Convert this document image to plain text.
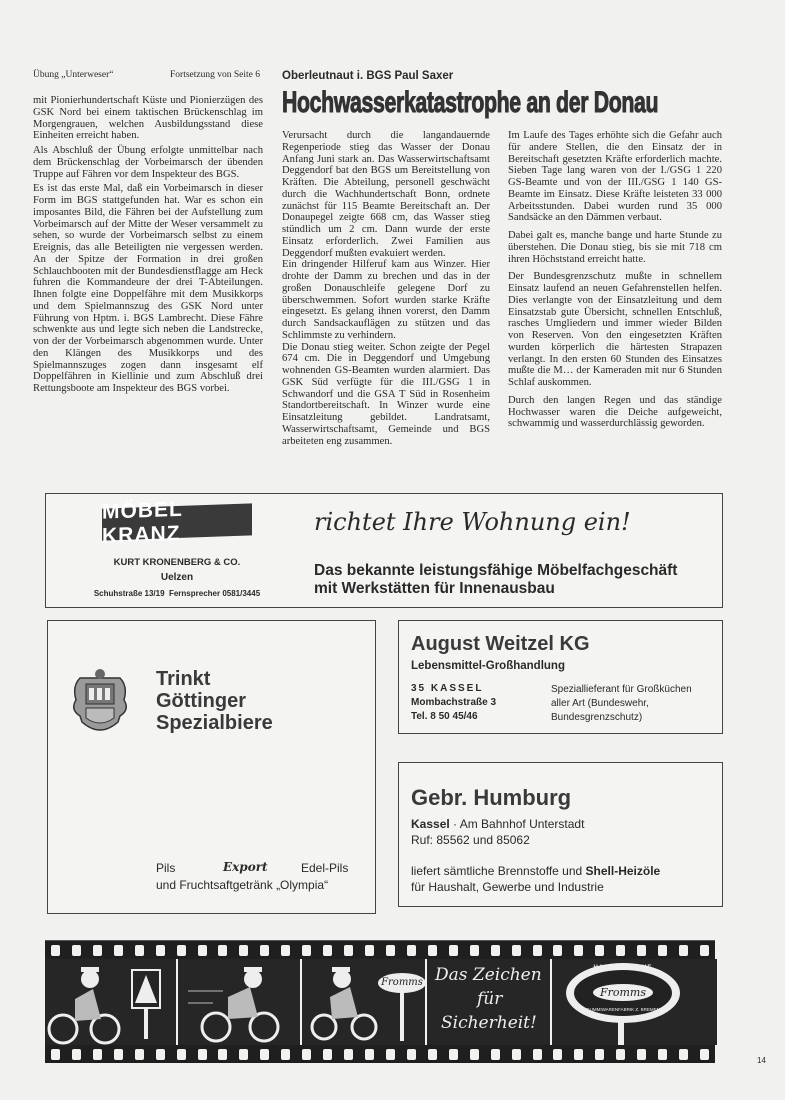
Übung „Unterweser“	Fortsetzung von Seite 6

mit Pionierhundertschaft Küste und Pionierzügen des GSK Nord bei einem taktischen Brückenschlag im Morgengrauen, welchen Ausbildungsstand diese Einheiten erreicht haben.

Als Abschluß der Übung erfolgte unmittelbar nach dem Brückenschlag der Vorbeimarsch der übenden Truppe auf Fähren vor dem Inspekteur des BGS.

Es ist das erste Mal, daß ein Vorbeimarsch in dieser Form im BGS stattgefunden hat. War es schon ein imposantes Bild, die Fähren bei der Aufstellung zum Vorbeimarsch auf der Mitte der Weser versammelt zu sehen, so wurde der Vorbeimarsch selbst zu einem Ereignis, das alle Beteiligten nie vergessen werden. An der Spitze der Formation in drei großen Schlauchbooten mit der Bundesdienstflagge am Heck fuhren die Kommandeure der drei T-Abteilungen. Ihnen folgte eine Doppelfähre mit dem Musikkorps und dem Spielmannszug des GSK Nord unter Führung von Hptm. i. BGS Lambrecht. Diese Fähre schwenkte aus und legte sich neben die Landstrecke, von der der Vorbeimarsch abgenommen wurde. Unter den Klängen des Musikkorps und des Spielmannszuges zogen dann insgesamt elf Doppelfähren in Kiellinie und zum Abschluß drei Rettungsboote am Inspekteur des BGS vorbei.

Oberleutnaut i. BGS Paul Saxer
Hochwasserkatastrophe an der Donau

Verursacht durch die langandauernde Regenperiode stieg das Wasser der Donau Anfang Juni stark an. Das Wasserwirtschaftsamt Deggendorf bat den BGS um Bereitstellung von Kräften. Die Abteilung, personell geschwächt durch die Wachhundertschaft Bonn, ordnete zunächst für 115 Beamte Bereitschaft an. Der Donaupegel zeigte 668 cm, das Wasser stieg stündlich um 2 cm. Dann wurde der erste Einsatz erforderlich. Zwei Familien aus Deggendorf mußten evakuiert werden.

Ein dringender Hilferuf kam aus Winzer. Hier drohte der Damm zu brechen und das in der großen Donauschleife gelegene Dorf zu überschwemmen. Sofort wurden starke Kräfte eingesetzt. Es gelang ihnen vorerst, den Damm durch Sandsackauflägen zu stützen und das Schlimmste zu verhindern.

Die Donau stieg weiter. Schon zeigte der Pegel 674 cm. Die in Deggendorf und Umgebung wohnenden GS-Beamten wurden alarmiert. Das GSK Süd verfügte für die III./GSG 1 in Schwandorf und die GSA T Süd in Rosenheim Standortbereitschaft. In Winzer wurde eine Einsatzleitung gebildet. Landratsamt, Wasserwirtschaftsamt, Gemeinde und BGS arbeiteten eng zusammen.

Im Laufe des Tages erhöhte sich die Gefahr auch für andere Stellen, die den Einsatz der in Bereitschaft gesetzten Kräfte erforderlich machte. Sieben Tage lang waren von der I./GSG 1 220 GS-Beamte und von der III./GSG 1 140 GS-Beamte im Einsatz. Diese Kräfte leisteten 33 000 Arbeitsstunden. Dabei wurden rund 35 000 Sandsäcke an den Dämmen verbaut.

Dabei galt es, manche bange und harte Stunde zu überstehen. Die Donau stieg, bis sie mit 718 cm ihren Höchststand erreicht hatte.

Der Bundesgrenzschutz mußte in schnellem Einsatz laufend an neuen Gefahrenstellen helfen. Dies verlangte von der Einsatzleitung und dem Einsatzstab gute Übersicht, schnellen Entschluß, rasches Umgliedern und immer wieder Bilden von Reserven. Von den eingesetzten Kräften wurden körperlich die härtesten Strapazen verlangt. In den ersten 60 Stunden des Einsatzes mußte die M… der Kameraden mit nur 6 Stunden Schlaf auskommen.

Durch den langen Regen und das ständige Hochwasser waren die Deiche aufgeweicht, schwammig und wasserdurchlässig geworden.

MÖBEL KRANZ
KURT KRONENBERG & CO.
Uelzen
Schuhstraße 13/19  Fernsprecher 0581/3445
richtet Ihre Wohnung ein!
Das bekannte leistungsfähige Möbelfachgeschäft
mit Werkstätten für Innenausbau
Trinkt
Göttinger
Spezialbiere
Pils	Export	Edel-Pils
und Fruchtsaftgetränk „Olympia“
August Weitzel KG
Lebensmittel-Großhandlung
35 KASSEL
Mombachstraße 3
Tel. 8 50 45/46
Speziallieferant für Großküchen aller Art (Bundeswehr, Bundesgrenzschutz)
Gebr. Humburg
Kassel · Am Bahnhof Unterstadt
Ruf: 85562 und 85062
liefert sämtliche Brennstoffe und Shell-Heizöle
für Haushalt, Gewerbe und Industrie
Fromms Das Zeichen
für
Sicherheit!
HANSEATISCHE
Fromms
GUMMIWARENFABRIK Z. BREMEN
14
